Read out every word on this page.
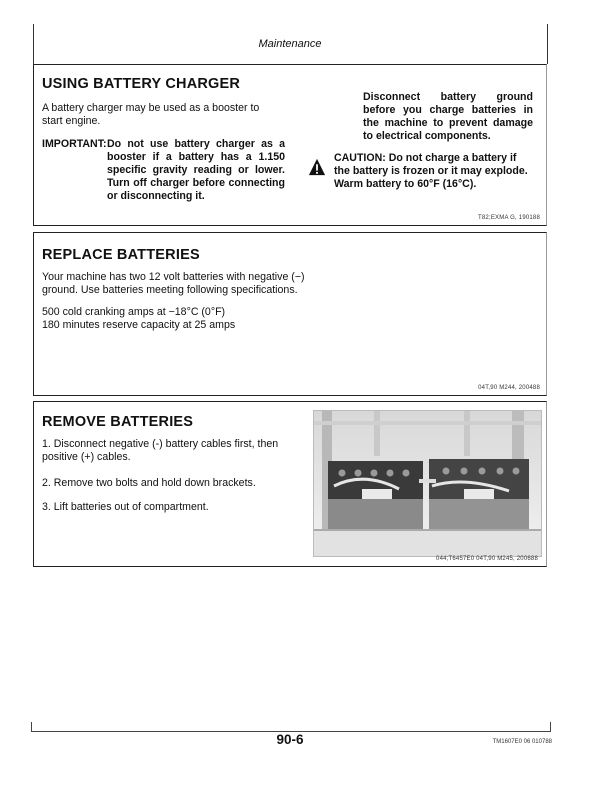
Maintenance
USING BATTERY CHARGER
A battery charger may be used as a booster to start engine.
IMPORTANT: Do not use battery charger as a booster if a battery has a 1.150 specific gravity reading or lower. Turn off charger before connecting or disconnecting it.
Disconnect battery ground before you charge batteries in the machine to prevent damage to electrical components.
CAUTION: Do not charge a battery if the battery is frozen or it may explode. Warm battery to 60°F (16°C).
T82;EXMA G, 190188
REPLACE BATTERIES
Your machine has two 12 volt batteries with negative (−) ground. Use batteries meeting following specifications.
500 cold cranking amps at −18°C (0°F)
180 minutes reserve capacity at 25 amps
04T,90 M244, 200488
REMOVE BATTERIES
1. Disconnect negative (-) battery cables first, then positive (+) cables.
2. Remove two bolts and hold down brackets.
3. Lift batteries out of compartment.
044;T6457E0 04T,90 M245, 200688
90-6	TM1607E0 06 010788
